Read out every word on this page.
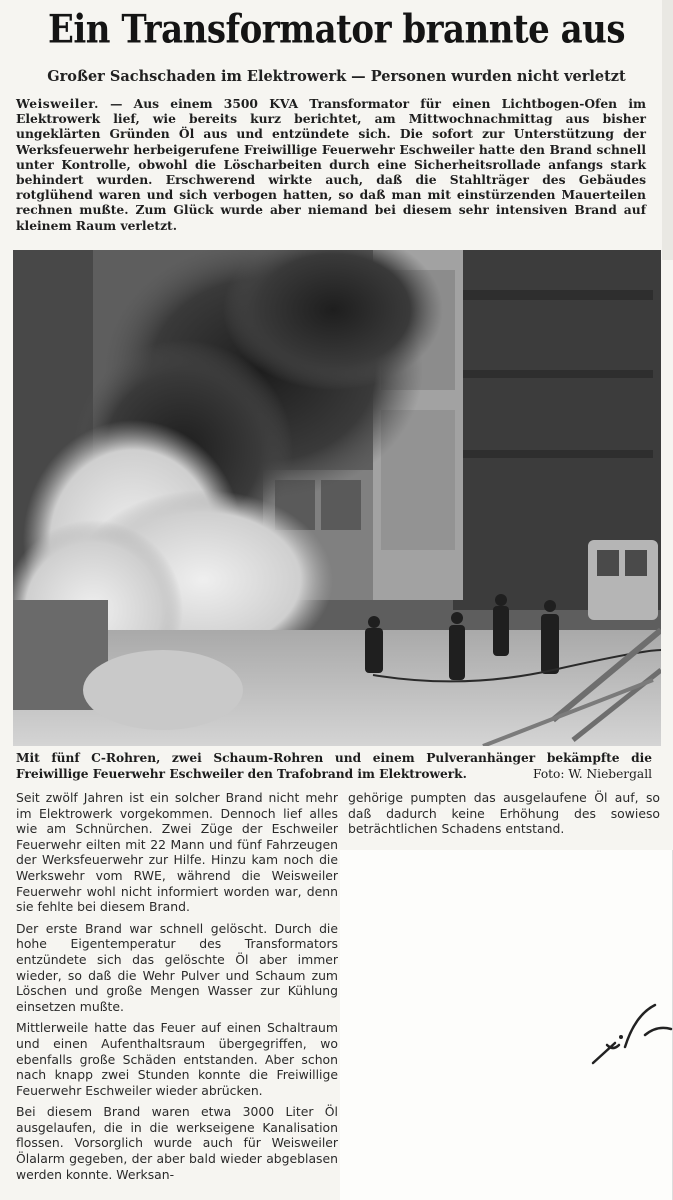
Ein Transformator brannte aus
Großer Sachschaden im Elektrowerk — Personen wurden nicht verletzt

Weisweiler. — Aus einem 3500 KVA Transformator für einen Lichtbogen-Ofen im Elektrowerk lief, wie bereits kurz berichtet, am Mittwochnachmittag aus bisher ungeklärten Gründen Öl aus und entzündete sich. Die sofort zur Unterstützung der Werksfeuerwehr herbeigerufene Freiwillige Feuerwehr Eschweiler hatte den Brand schnell unter Kontrolle, obwohl die Löscharbeiten durch eine Sicherheitsrollade anfangs stark behindert wurden. Erschwerend wirkte auch, daß die Stahlträger des Gebäudes rotglühend waren und sich verbogen hatten, so daß man mit einstürzenden Mauerteilen rechnen mußte. Zum Glück wurde aber niemand bei diesem sehr intensiven Brand auf kleinem Raum verletzt.

Mit fünf C-Rohren, zwei Schaum-Rohren und einem Pulveranhänger bekämpfte die Freiwillige Feuerwehr Eschweiler den Trafobrand im Elektrowerk.	Foto: W. Niebergall

Seit zwölf Jahren ist ein solcher Brand nicht mehr im Elektrowerk vorgekommen. Dennoch lief alles wie am Schnürchen. Zwei Züge der Eschweiler Feuerwehr eilten mit 22 Mann und fünf Fahrzeugen der Werksfeuerwehr zur Hilfe. Hinzu kam noch die Werkswehr vom RWE, während die Weisweiler Feuerwehr wohl nicht informiert worden war, denn sie fehlte bei diesem Brand.

Der erste Brand war schnell gelöscht. Durch die hohe Eigentemperatur des Transformators entzündete sich das gelöschte Öl aber immer wieder, so daß die Wehr Pulver und Schaum zum Löschen und große Mengen Wasser zur Kühlung einsetzen mußte.

Mittlerweile hatte das Feuer auf einen Schaltraum und einen Aufenthaltsraum übergegriffen, wo ebenfalls große Schäden entstanden. Aber schon nach knapp zwei Stunden konnte die Freiwillige Feuerwehr Eschweiler wieder abrücken.

Bei diesem Brand waren etwa 3000 Liter Öl ausgelaufen, die in die werkseigene Kanalisation flossen. Vorsorglich wurde auch für Weisweiler Ölalarm gegeben, der aber bald wieder abgeblasen werden konnte. Werksan-

gehörige pumpten das ausgelaufene Öl auf, so daß dadurch keine Erhöhung des sowieso beträchtlichen Schadens entstand.
